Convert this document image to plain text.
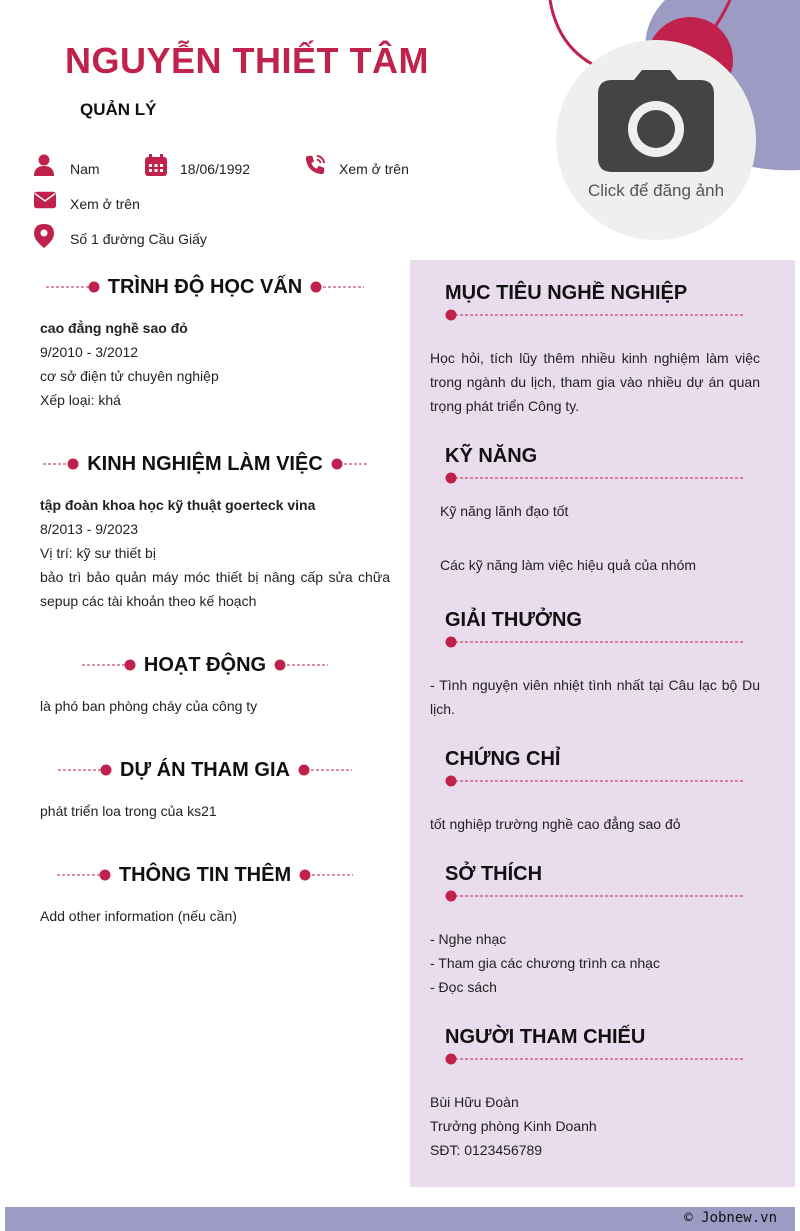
Click để đăng ảnh
NGUYỄN THIẾT TÂM
QUẢN LÝ
Nam	18/06/1992	Xem ở trên
Xem ở trên
Số 1 đường Cầu Giấy
TRÌNH ĐỘ HỌC VẤN
cao đẳng nghề sao đỏ
9/2010 - 3/2012
cơ sở điện tử chuyên nghiệp
Xếp loại: khá
KINH NGHIỆM LÀM VIỆC
tập đoàn khoa học kỹ thuật goerteck vina
8/2013 - 9/2023
Vị trí: kỹ sư thiết bị
bảo trì bảo quản máy móc thiết bị nâng cấp sửa chữa sepup các tài khoản theo kế hoạch
HOẠT ĐỘNG
là phó ban phòng cháy của công ty
DỰ ÁN THAM GIA
phát triển loa trong của ks21
THÔNG TIN THÊM
Add other information (nếu cần)
MỤC TIÊU NGHỀ NGHIỆP
Học hỏi, tích lũy thêm nhiều kinh nghiệm làm việc trong ngành du lịch, tham gia vào nhiều dự án quan trọng phát triển Công ty.
KỸ NĂNG
Kỹ năng lãnh đạo tốt
Các kỹ năng làm việc hiệu quả của nhóm
GIẢI THƯỞNG
- Tình nguyện viên nhiệt tình nhất tại Câu lạc bộ Du lịch.
CHỨNG CHỈ
tốt nghiệp trường nghề cao đẳng sao đỏ
SỞ THÍCH
- Nghe nhạc
- Tham gia các chương trình ca nhạc
- Đọc sách
NGƯỜI THAM CHIẾU
Bùi Hữu Đoàn
Trưởng phòng Kinh Doanh
SĐT: 0123456789
© Jobnew.vn
